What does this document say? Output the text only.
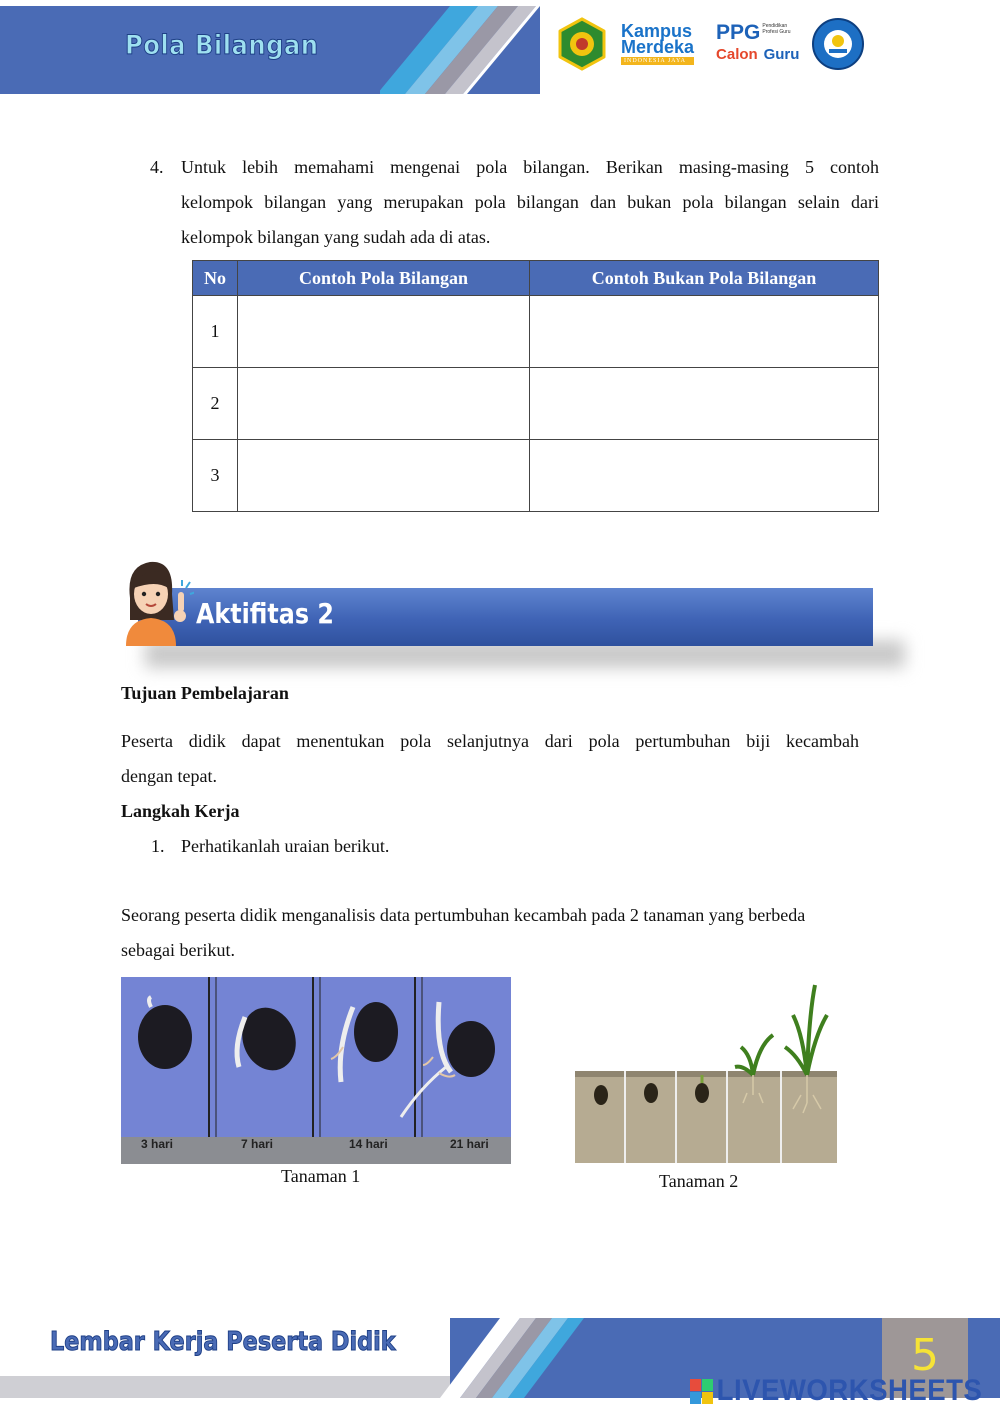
Pola Bilangan	Kampus
Merdeka
INDONESIA JAYA
PPG Pendidikan Profesi Guru
Calon Guru
4. Untuk lebih memahami mengenai pola bilangan. Berikan masing-masing 5 contoh
kelompok bilangan yang merupakan pola bilangan dan bukan pola bilangan selain dari
kelompok bilangan yang sudah ada di atas.
No	Contoh Pola Bilangan	Contoh Bukan Pola Bilangan
1		
2		
3		
Aktifitas 2
Tujuan Pembelajaran
Peserta didik dapat menentukan pola selanjutnya dari pola pertumbuhan biji kecambah
dengan tepat.
Langkah Kerja
1. Perhatikanlah uraian berikut.
Seorang peserta didik menganalisis data pertumbuhan kecambah pada 2 tanaman yang berbeda
sebagai berikut.
3 hari	7 hari	14 hari	21 hari
Tanaman 1	Tanaman 2
Lembar Kerja Peserta Didik	5
LIVEWORKSHEETS
